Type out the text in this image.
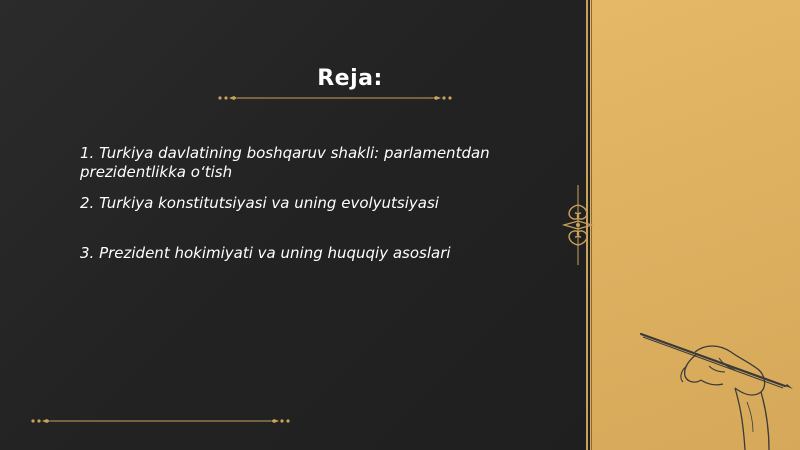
Reja:
1. Turkiya davlatining boshqaruv shakli: parlamentdan prezidentlikka o‘tish
2. Turkiya konstitutsiyasi va uning evolyutsiyasi
3. Prezident hokimiyati va uning huquqiy asoslari
